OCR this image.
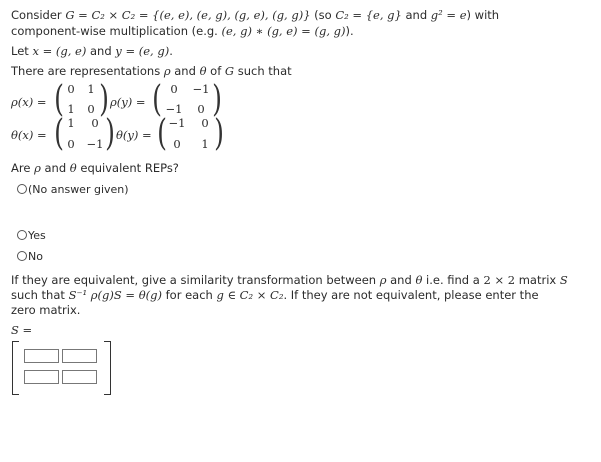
Consider G = C₂ × C₂ = {(e, e), (e, g), (g, e), (g, g)} (so C₂ = {e, g} and g² = e) with
component-wise multiplication (e.g. (e, g) ∗ (g, e) = (g, g)).
Let x = (g, e) and y = (e, g).
There are representations ρ and θ of G such that
ρ(x) = ( 0	1
1	0 ) ρ(y) = ( 0	−1
−1	0 )
θ(x) = ( 1	0
0	−1 ) θ(y) = ( −1	0
0	1 )
Are ρ and θ equivalent REPs?
(No answer given)
Yes
No
If they are equivalent, give a similarity transformation between ρ and θ i.e. find a 2 × 2 matrix S
such that S⁻¹ ρ(g)S = θ(g) for each g ∈ C₂ × C₂. If they are not equivalent, please enter the
zero matrix.
S =
